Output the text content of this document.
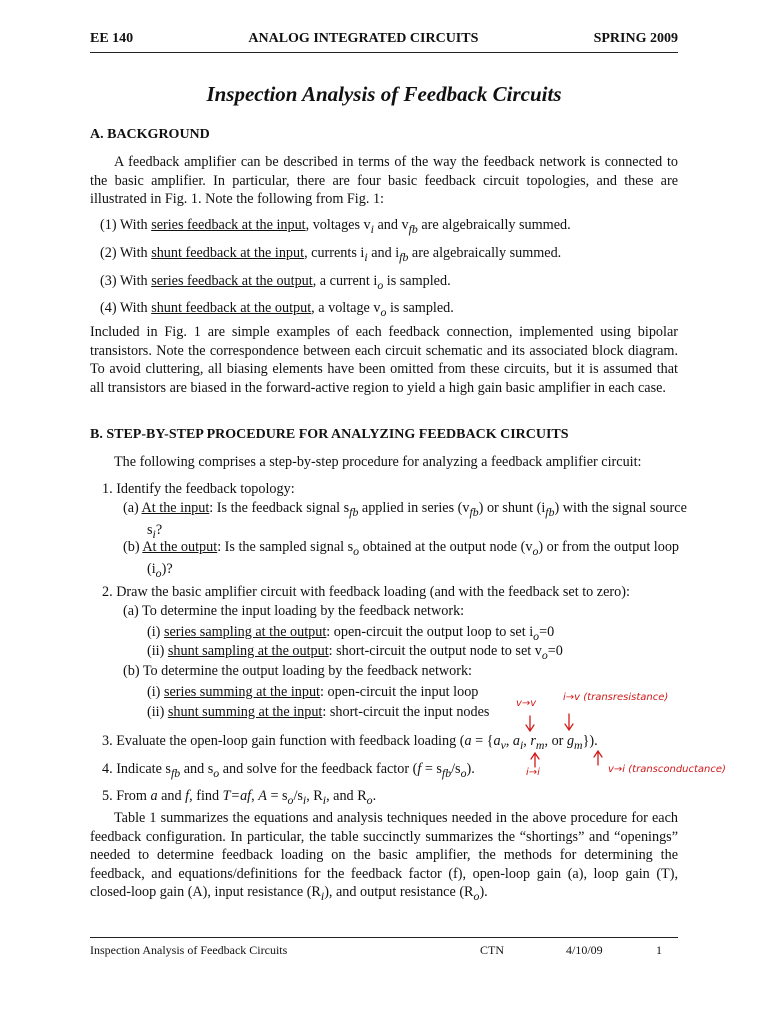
EE 140	ANALOG INTEGRATED CIRCUITS	SPRING 2009
Inspection Analysis of Feedback Circuits
A. BACKGROUND
A feedback amplifier can be described in terms of the way the feedback network is connected to the basic amplifier. In particular, there are four basic feedback circuit topologies, and these are illustrated in Fig. 1. Note the following from Fig. 1:
(1) With series feedback at the input, voltages $v_i$ and $v_{fb}$ are algebraically summed.
(2) With shunt feedback at the input, currents $i_i$ and $i_{fb}$ are algebraically summed.
(3) With series feedback at the output, a current $i_o$ is sampled.
(4) With shunt feedback at the output, a voltage $v_o$ is sampled.
Included in Fig. 1 are simple examples of each feedback connection, implemented using bipolar transistors. Note the correspondence between each circuit schematic and its associated block diagram. To avoid cluttering, all biasing elements have been omitted from these circuits, but it is assumed that all transistors are biased in the forward-active region to yield a high gain basic amplifier in each case.
B. STEP-BY-STEP PROCEDURE FOR ANALYZING FEEDBACK CIRCUITS
The following comprises a step-by-step procedure for analyzing a feedback amplifier circuit:
1. Identify the feedback topology:
(a) At the input: Is the feedback signal $s_{fb}$ applied in series $(v_{fb})$ or shunt $(i_{fb})$ with the signal source $s_i$?
(b) At the output: Is the sampled signal $s_o$ obtained at the output node $(v_o)$ or from the output loop $(i_o)$?
2. Draw the basic amplifier circuit with feedback loading (and with the feedback set to zero):
(a) To determine the input loading by the feedback network:
(i) series sampling at the output: open-circuit the output loop to set $i_o=0$
(ii) shunt sampling at the output: short-circuit the output node to set $v_o=0$
(b) To determine the output loading by the feedback network:
(i) series summing at the input: open-circuit the input loop
(ii) shunt summing at the input: short-circuit the input nodes
3. Evaluate the open-loop gain function with feedback loading ($a = \{a_v$, $a_i$, $r_m$, or $g_m$}).
4. Indicate $s_{fb}$ and $s_o$ and solve for the feedback factor $(f = s_{fb}/s_o)$.
5. From a and f, find T=af, $A = s_o/s_i$, $R_i$, and $R_o$.
Table 1 summarizes the equations and analysis techniques needed in the above procedure for each feedback configuration. In particular, the table succinctly summarizes the “shortings” and “openings” needed to determine feedback loading on the basic amplifier, the methods for determining the feedback, and equations/definitions for the feedback factor (f), open-loop gain (a), loop gain (T), closed-loop gain (A), input resistance $(R_i)$, and output resistance $(R_o)$.
Inspection Analysis of Feedback Circuits	CTN	4/10/09	1
v→v
i→v (transresistance)
i→i	v→i (transconductance)
